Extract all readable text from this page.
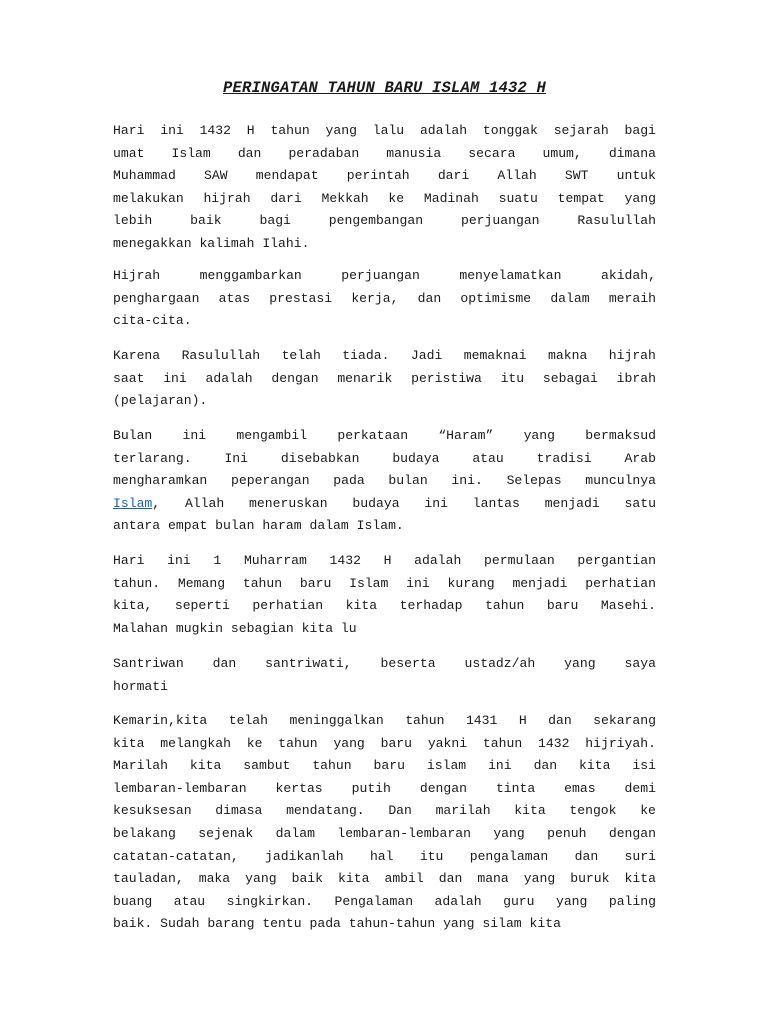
PERINGATAN TAHUN BARU ISLAM 1432 H
Hari ini 1432 H tahun yang lalu adalah tonggak sejarah bagi
umat Islam dan peradaban manusia secara umum, dimana
Muhammad SAW mendapat perintah dari Allah SWT untuk
melakukan hijrah dari Mekkah ke Madinah suatu tempat yang
lebih	baik	bagi	pengembangan	perjuangan	Rasulullah
menegakkan kalimah Ilahi.
Hijrah	menggambarkan	perjuangan	menyelamatkan	akidah,
penghargaan atas prestasi kerja, dan optimisme dalam meraih
cita-cita.
Karena Rasulullah telah tiada. Jadi memaknai makna hijrah
saat ini adalah dengan menarik peristiwa itu sebagai ibrah
(pelajaran).
Bulan ini mengambil perkataan “Haram” yang bermaksud
terlarang.	Ini	disebabkan	budaya	atau	tradisi	Arab
mengharamkan peperangan pada bulan ini. Selepas munculnya
Islam, Allah meneruskan budaya ini lantas menjadi satu
antara empat bulan haram dalam Islam.
Hari ini 1 Muharram 1432 H adalah permulaan pergantian
tahun. Memang tahun baru Islam ini kurang menjadi perhatian
kita, seperti perhatian kita terhadap tahun baru Masehi.
Malahan mugkin sebagian kita lu
Santriwan dan santriwati, beserta ustadz/ah yang saya
hormati
Kemarin,kita telah meninggalkan tahun 1431 H dan sekarang
kita melangkah ke tahun yang baru yakni tahun 1432 hijriyah.
Marilah kita sambut tahun baru islam ini dan kita isi
lembaran-lembaran kertas putih dengan tinta emas demi
kesuksesan dimasa mendatang. Dan marilah kita tengok ke
belakang sejenak dalam lembaran-lembaran yang penuh dengan
catatan-catatan, jadikanlah hal itu pengalaman dan suri
tauladan, maka yang baik kita ambil dan mana yang buruk kita
buang atau singkirkan. Pengalaman adalah guru yang paling
baik. Sudah barang tentu pada tahun-tahun yang silam kita
